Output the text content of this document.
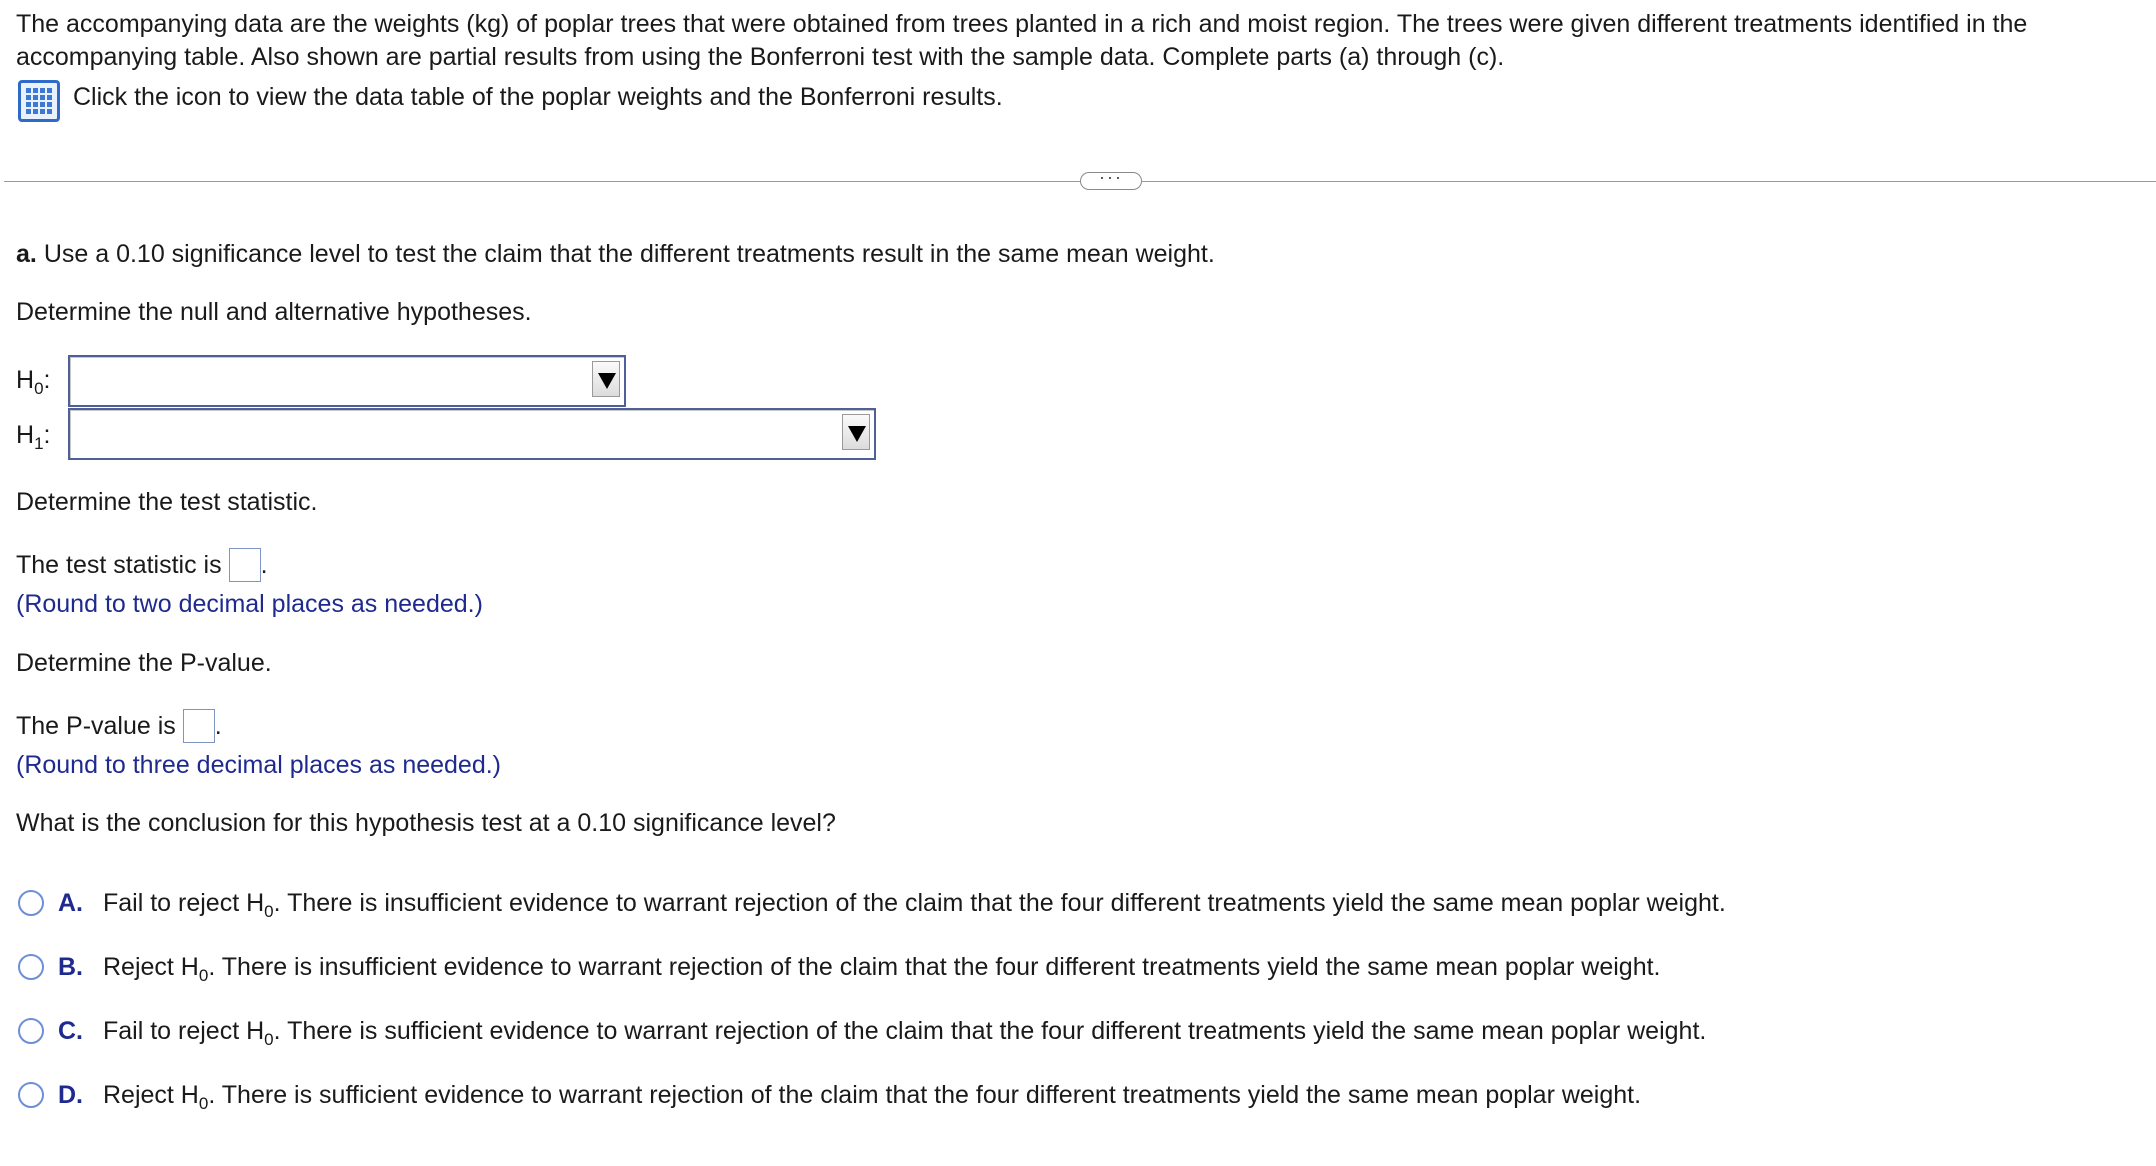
The accompanying data are the weights (kg) of poplar trees that were obtained from trees planted in a rich and moist region. The trees were given different treatments identified in the

accompanying table. Also shown are partial results from using the Bonferroni test with the sample data. Complete parts (a) through (c).

Click the icon to view the data table of the poplar weights and the Bonferroni results.
···
a. Use a 0.10 significance level to test the claim that the different treatments result in the same mean weight.
Determine the null and alternative hypotheses.
$H_0$:
$H_1$:
Determine the test statistic.
The test statistic is .
(Round to two decimal places as needed.)
Determine the P-value.
The P-value is .
(Round to three decimal places as needed.)
What is the conclusion for this hypothesis test at a 0.10 significance level?
A. Fail to reject $H_0$. There is insufficient evidence to warrant rejection of the claim that the four different treatments yield the same mean poplar weight.
B. Reject $H_0$. There is insufficient evidence to warrant rejection of the claim that the four different treatments yield the same mean poplar weight.
C. Fail to reject $H_0$. There is sufficient evidence to warrant rejection of the claim that the four different treatments yield the same mean poplar weight.
D. Reject $H_0$. There is sufficient evidence to warrant rejection of the claim that the four different treatments yield the same mean poplar weight.
